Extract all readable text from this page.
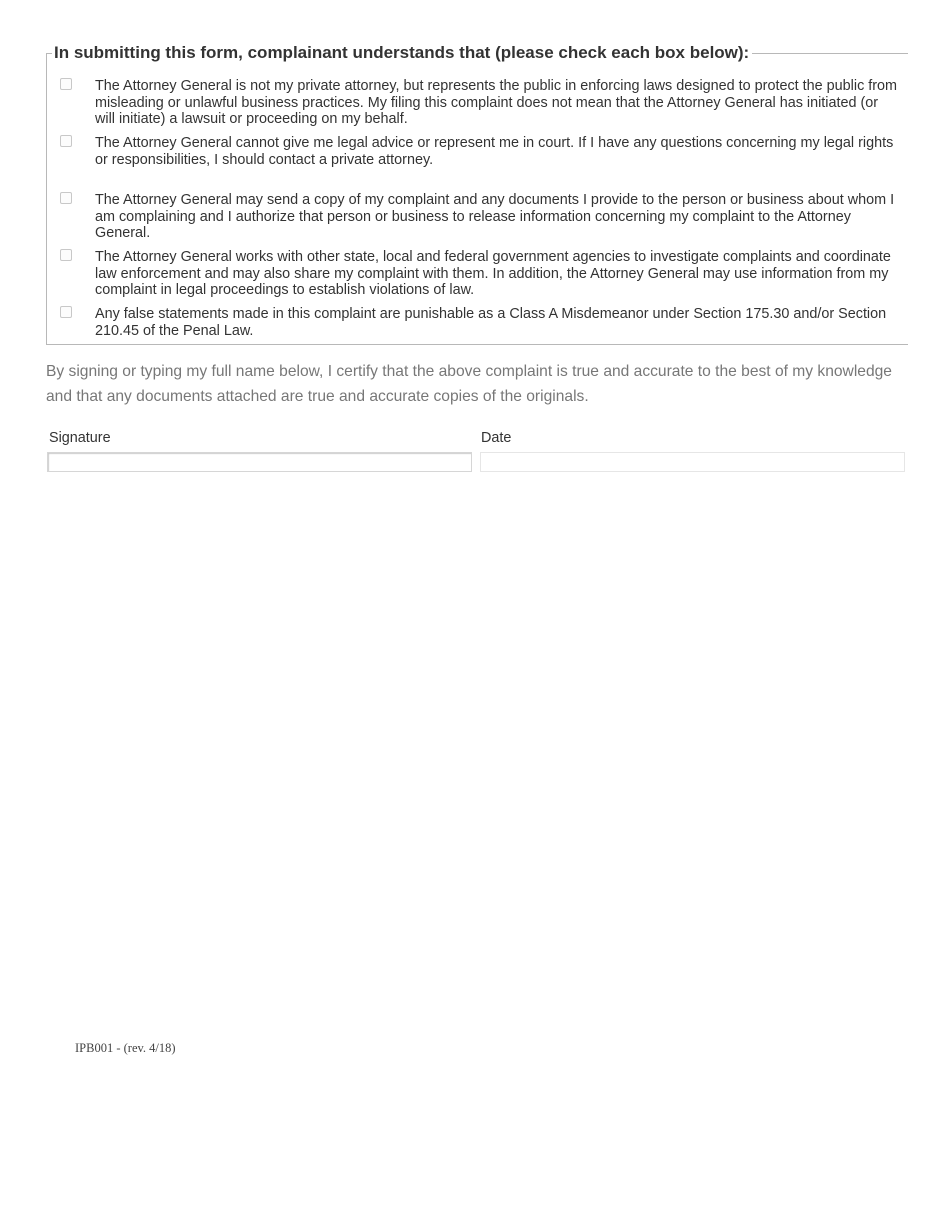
In submitting this form, complainant understands that (please check each box below):
The Attorney General is not my private attorney, but represents the public in enforcing laws designed to protect the public from misleading or unlawful business practices. My filing this complaint does not mean that the Attorney General has initiated (or will initiate) a lawsuit or proceeding on my behalf.
The Attorney General cannot give me legal advice or represent me in court. If I have any questions concerning my legal rights or responsibilities, I should contact a private attorney.
The Attorney General may send a copy of my complaint and any documents I provide to the person or business about whom I am complaining and I authorize that person or business to release information concerning my complaint to the Attorney General.
The Attorney General works with other state, local and federal government agencies to investigate complaints and coordinate law enforcement and may also share my complaint with them. In addition, the Attorney General may use information from my complaint in legal proceedings to establish violations of law.
Any false statements made in this complaint are punishable as a Class A Misdemeanor under Section 175.30 and/or Section 210.45 of the Penal Law.
By signing or typing my full name below, I certify that the above complaint is true and accurate to the best of my knowledge and that any documents attached are true and accurate copies of the originals.
Signature	Date
IPB001 - (rev. 4/18)
